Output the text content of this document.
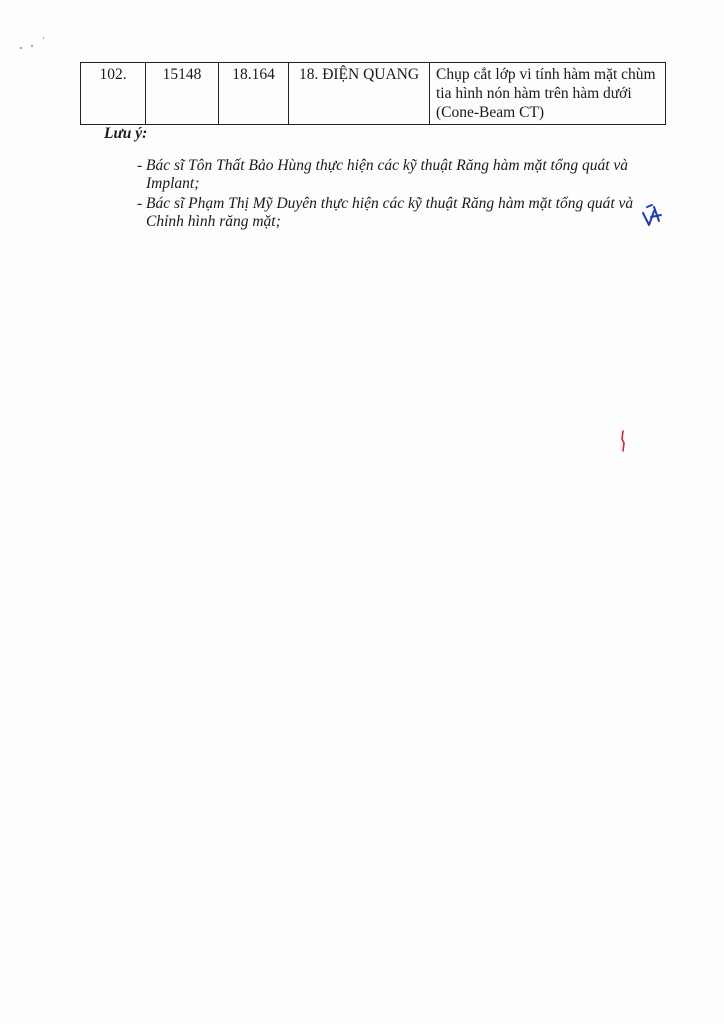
102.	15148	18.164	18. ĐIỆN QUANG	Chụp cắt lớp vi tính hàm mặt chùm tia hình nón hàm trên hàm dưới (Cone-Beam CT)
Lưu ý:
- Bác sĩ Tôn Thất Bảo Hùng thực hiện các kỹ thuật Răng hàm mặt tổng quát và Implant;
- Bác sĩ Phạm Thị Mỹ Duyên thực hiện các kỹ thuật Răng hàm mặt tổng quát và Chỉnh hình răng mặt;
